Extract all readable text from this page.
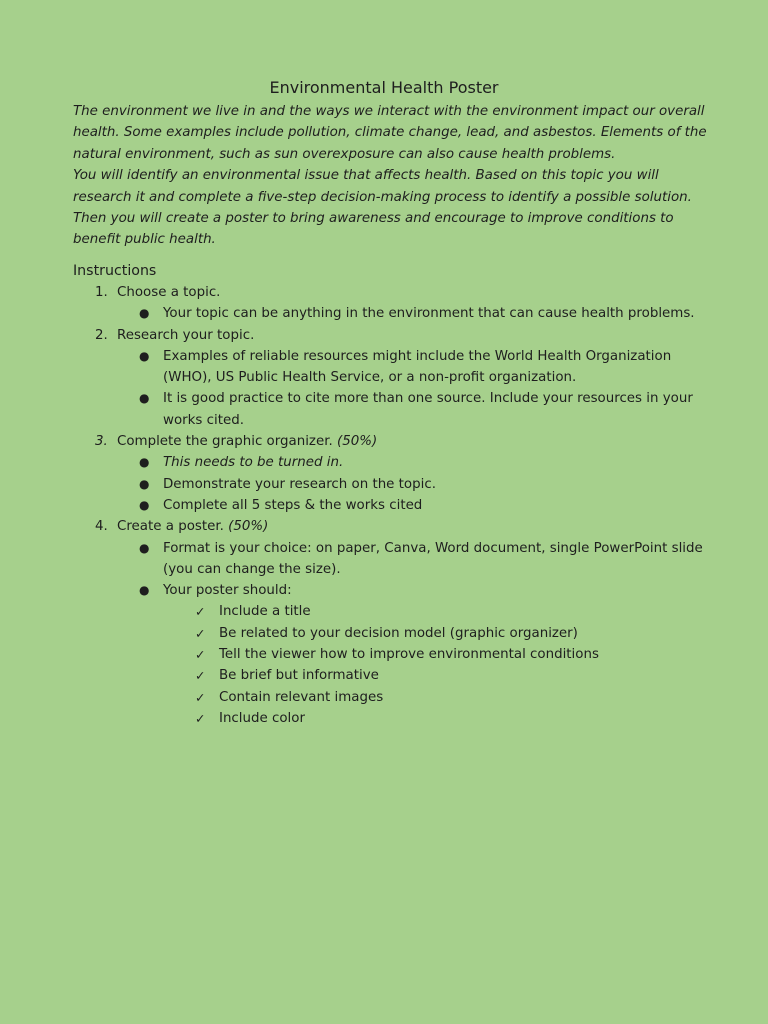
Environmental Health Poster

The environment we live in and the ways we interact with the environment impact our overall health. Some examples include pollution, climate change, lead, and asbestos. Elements of the natural environment, such as sun overexposure can also cause health problems.

You will identify an environmental issue that affects health. Based on this topic you will research it and complete a five-step decision-making process to identify a possible solution. Then you will create a poster to bring awareness and encourage to improve conditions to benefit public health.

Instructions
1. Choose a topic.
● Your topic can be anything in the environment that can cause health problems.
2. Research your topic.
● Examples of reliable resources might include the World Health Organization (WHO), US Public Health Service, or a non-profit organization.
● It is good practice to cite more than one source. Include your resources in your works cited.
3. Complete the graphic organizer. (50%)
● This needs to be turned in.
● Demonstrate your research on the topic.
● Complete all 5 steps & the works cited
4. Create a poster. (50%)
● Format is your choice: on paper, Canva, Word document, single PowerPoint slide (you can change the size).
● Your poster should:
✓ Include a title
✓ Be related to your decision model (graphic organizer)
✓ Tell the viewer how to improve environmental conditions
✓ Be brief but informative
✓ Contain relevant images
✓ Include color
